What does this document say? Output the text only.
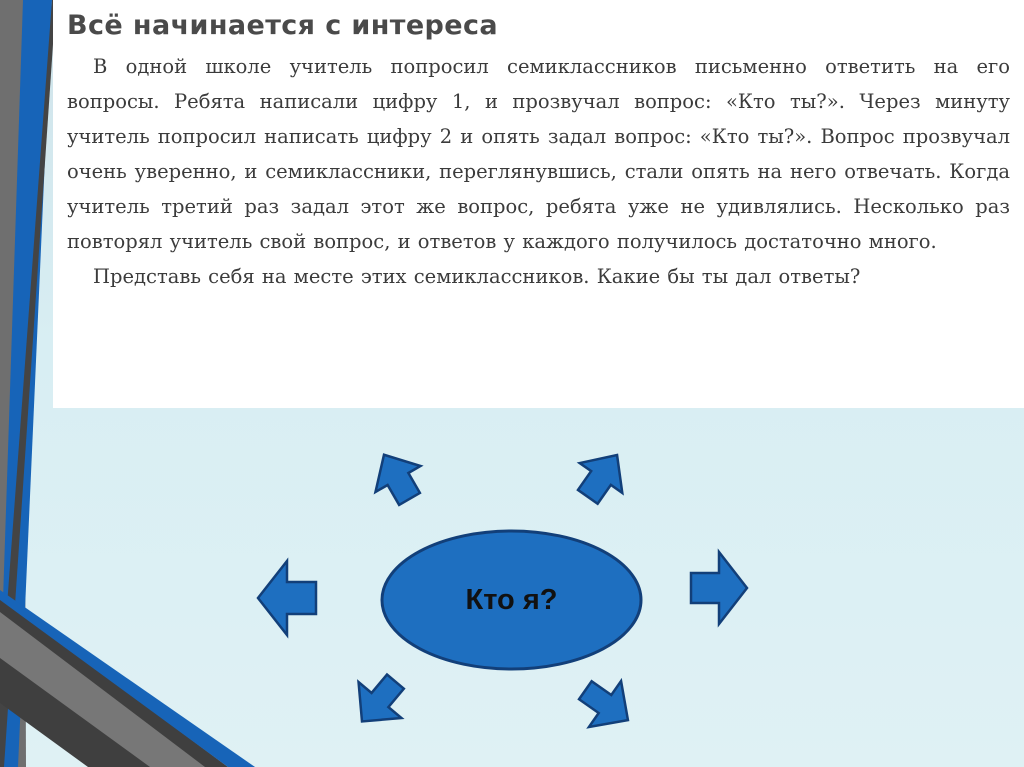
Всё начинается с интереса

В одной школе учитель попросил семиклассников письменно ответить на его вопросы. Ребята написали цифру 1, и прозвучал вопрос: «Кто ты?». Через минуту учитель попросил написать цифру 2 и опять задал вопрос: «Кто ты?». Вопрос прозвучал очень уверенно, и семиклассники, переглянувшись, стали опять на него отвечать. Когда учитель третий раз задал этот же вопрос, ребята уже не удивлялись. Несколько раз повторял учитель свой вопрос, и ответов у каждого получилось достаточно много.

Представь себя на месте этих семиклассников. Какие бы ты дал ответы?

Кто я?
